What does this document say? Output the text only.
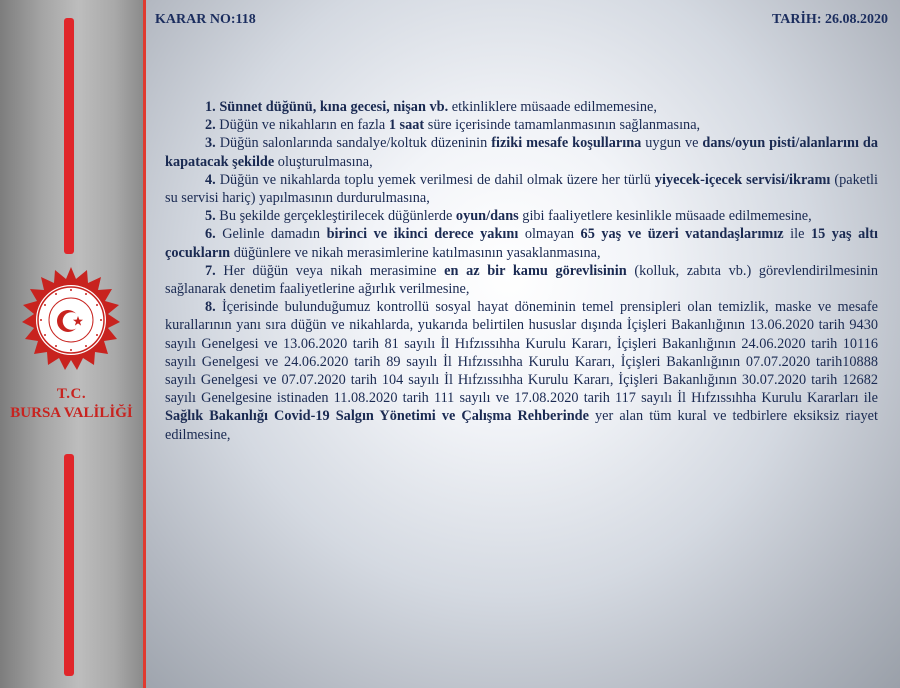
T.C.
BURSA VALİLİĞİ
KARAR NO:118	TARİH: 26.08.2020

1. Sünnet düğünü, kına gecesi, nişan vb. etkinliklere müsaade edilmemesine,

2. Düğün ve nikahların en fazla 1 saat süre içerisinde tamamlanmasının sağlanmasına,

3. Düğün salonlarında sandalye/koltuk düzeninin fiziki mesafe koşullarına uygun ve dans/oyun pisti/alanlarını da kapatacak şekilde oluşturulmasına,

4. Düğün ve nikahlarda toplu yemek verilmesi de dahil olmak üzere her türlü yiyecek-içecek servisi/ikramı (paketli su servisi hariç) yapılmasının durdurulmasına,

5. Bu şekilde gerçekleştirilecek düğünlerde oyun/dans gibi faaliyetlere kesinlikle müsaade edilmemesine,

6. Gelinle damadın birinci ve ikinci derece yakını olmayan 65 yaş ve üzeri vatandaşlarımız ile 15 yaş altı çocukların düğünlere ve nikah merasimlerine katılmasının yasaklanmasına,

7. Her düğün veya nikah merasimine en az bir kamu görevlisinin (kolluk, zabıta vb.) görevlendirilmesinin sağlanarak denetim faaliyetlerine ağırlık verilmesine,

8. İçerisinde bulunduğumuz kontrollü sosyal hayat döneminin temel prensipleri olan temizlik, maske ve mesafe kurallarının yanı sıra düğün ve nikahlarda, yukarıda belirtilen hususlar dışında İçişleri Bakanlığının 13.06.2020 tarih 9430 sayılı Genelgesi ve 13.06.2020 tarih 81 sayılı İl Hıfzıssıhha Kurulu Kararı, İçişleri Bakanlığının 24.06.2020 tarih 10116 sayılı Genelgesi ve 24.06.2020 tarih 89 sayılı İl Hıfzıssıhha Kurulu Kararı, İçişleri Bakanlığının 07.07.2020 tarih10888 sayılı Genelgesi ve 07.07.2020 tarih 104 sayılı İl Hıfzıssıhha Kurulu Kararı, İçişleri Bakanlığının 30.07.2020 tarih 12682 sayılı Genelgesine istinaden 11.08.2020 tarih 111 sayılı ve 17.08.2020 tarih 117 sayılı İl Hıfzıssıhha Kurulu Kararları ile Sağlık Bakanlığı Covid-19 Salgın Yönetimi ve Çalışma Rehberinde yer alan tüm kural ve tedbirlere eksiksiz riayet edilmesine,
